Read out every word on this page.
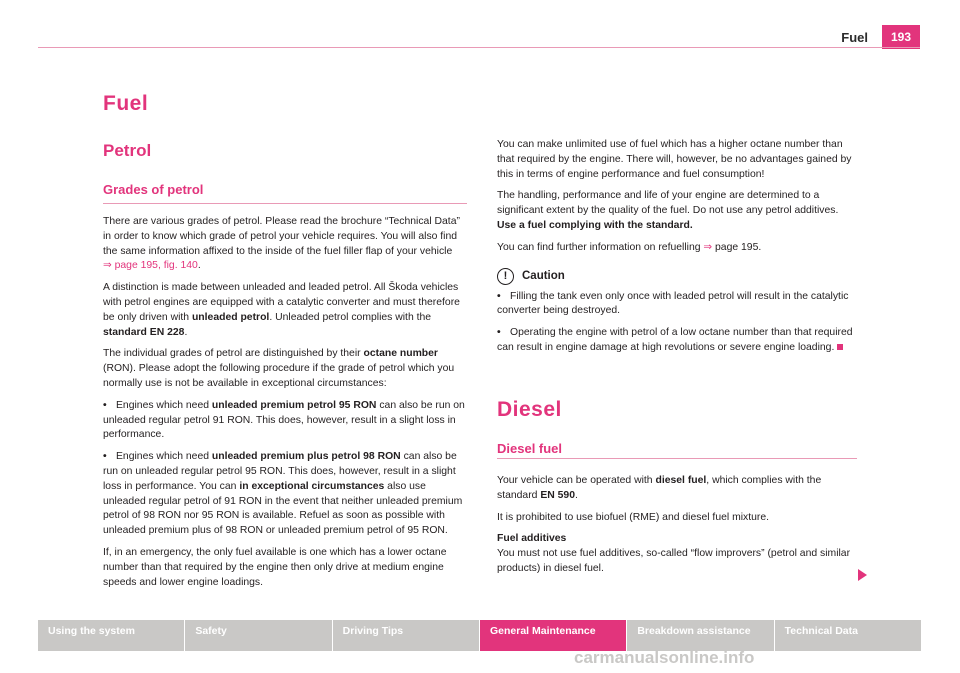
Fuel	193
Fuel
Petrol
Grades of petrol

There are various grades of petrol. Please read the brochure “Technical Data” in order to know which grade of petrol your vehicle requires. You will also find the same information affixed to the inside of the fuel filler flap of your vehicle
⇒ page 195, fig. 140.

A distinction is made between unleaded and leaded petrol. All Škoda vehicles with petrol engines are equipped with a catalytic converter and must therefore be only driven with unleaded petrol. Unleaded petrol complies with the standard EN 228.

The individual grades of petrol are distinguished by their octane number (RON). Please adopt the following procedure if the grade of petrol which you normally use is not be available in exceptional circumstances:

• Engines which need unleaded premium petrol 95 RON can also be run on unleaded regular petrol 91 RON. This does, however, result in a slight loss in performance.

• Engines which need unleaded premium plus petrol 98 RON can also be run on unleaded regular petrol 95 RON. This does, however, result in a slight loss in performance. You can in exceptional circumstances also use unleaded regular petrol of 91 RON in the event that neither unleaded premium petrol of 98 RON nor 95 RON is available. Refuel as soon as possible with unleaded premium plus of 98 RON or unleaded premium petrol of 95 RON.

If, in an emergency, the only fuel available is one which has a lower octane number than that required by the engine then only drive at medium engine speeds and lower engine loadings.

You can make unlimited use of fuel which has a higher octane number than that required by the engine. There will, however, be no advantages gained by this in terms of engine performance and fuel consumption!

The handling, performance and life of your engine are determined to a significant extent by the quality of the fuel. Do not use any petrol additives. Use a fuel complying with the standard.

You can find further information on refuelling ⇒ page 195.

!	Caution

• Filling the tank even only once with leaded petrol will result in the catalytic converter being destroyed.

• Operating the engine with petrol of a low octane number than that required can result in engine damage at high revolutions or severe engine loading.

Diesel
Diesel fuel

Your vehicle can be operated with diesel fuel, which complies with the standard EN 590.

It is prohibited to use biofuel (RME) and diesel fuel mixture.

Fuel additives

You must not use fuel additives, so-called “flow improvers” (petrol and similar products) in diesel fuel.

Using the system	Safety	Driving Tips	General Maintenance	Breakdown assistance	Technical Data
carmanualsonline.info
